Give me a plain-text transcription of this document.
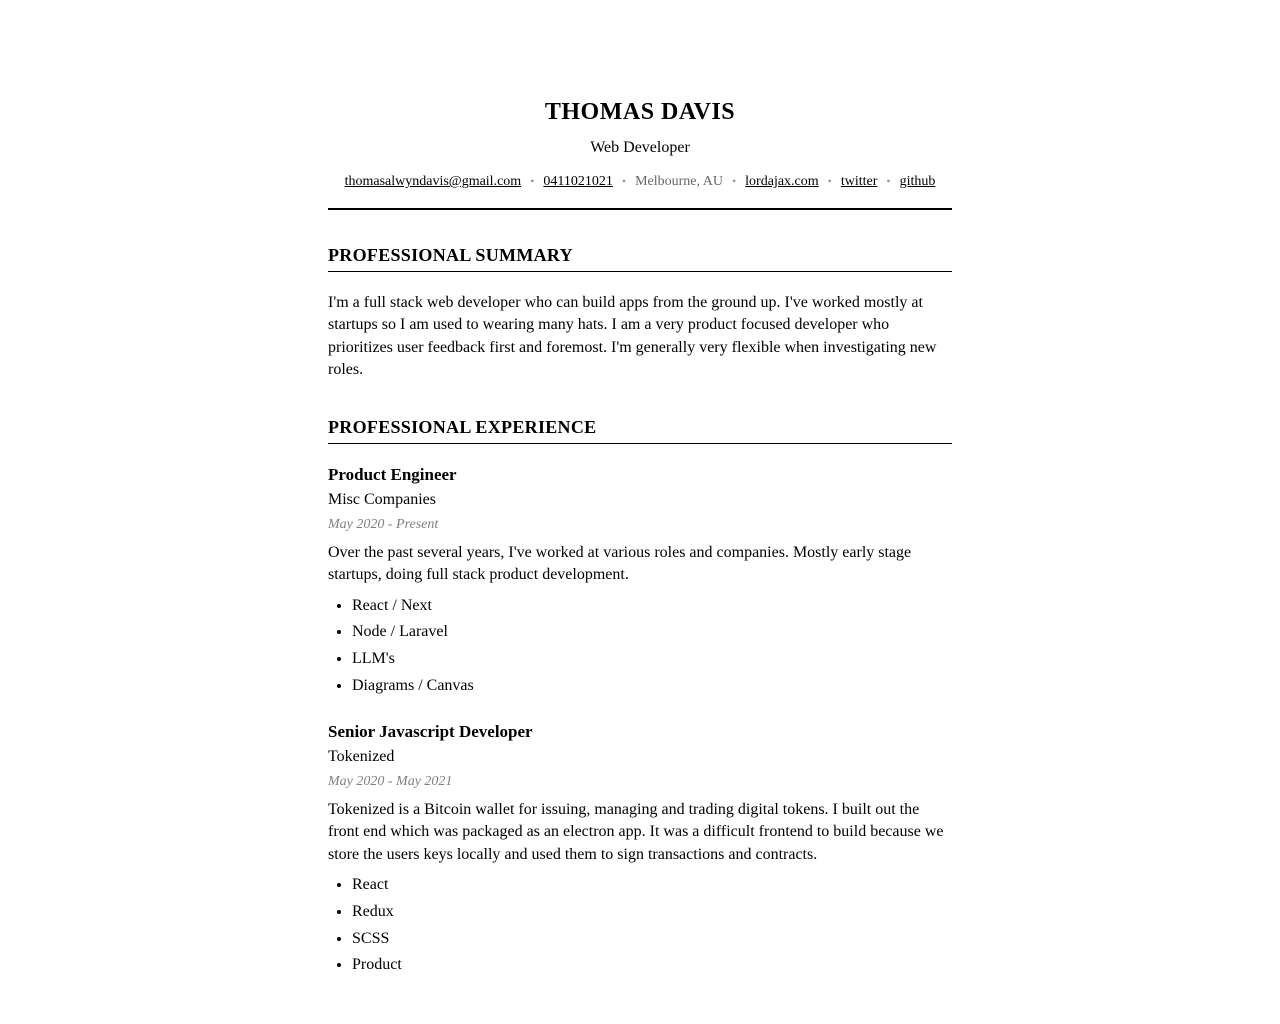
THOMAS DAVIS
Web Developer
thomasalwyndavis@gmail.com • 0411021021 • Melbourne, AU • lordajax.com • twitter • github
PROFESSIONAL SUMMARY

I'm a full stack web developer who can build apps from the ground up. I've worked mostly at startups so I am used to wearing many hats. I am a very product focused developer who prioritizes user feedback first and foremost. I'm generally very flexible when investigating new roles.

PROFESSIONAL EXPERIENCE
Product Engineer
Misc Companies
May 2020 - Present

Over the past several years, I've worked at various roles and companies. Mostly early stage startups, doing full stack product development.

• React / Next
• Node / Laravel
• LLM's
• Diagrams / Canvas
Senior Javascript Developer
Tokenized
May 2020 - May 2021

Tokenized is a Bitcoin wallet for issuing, managing and trading digital tokens. I built out the front end which was packaged as an electron app. It was a difficult frontend to build because we store the users keys locally and used them to sign transactions and contracts.

• React
• Redux
• SCSS
• Product
